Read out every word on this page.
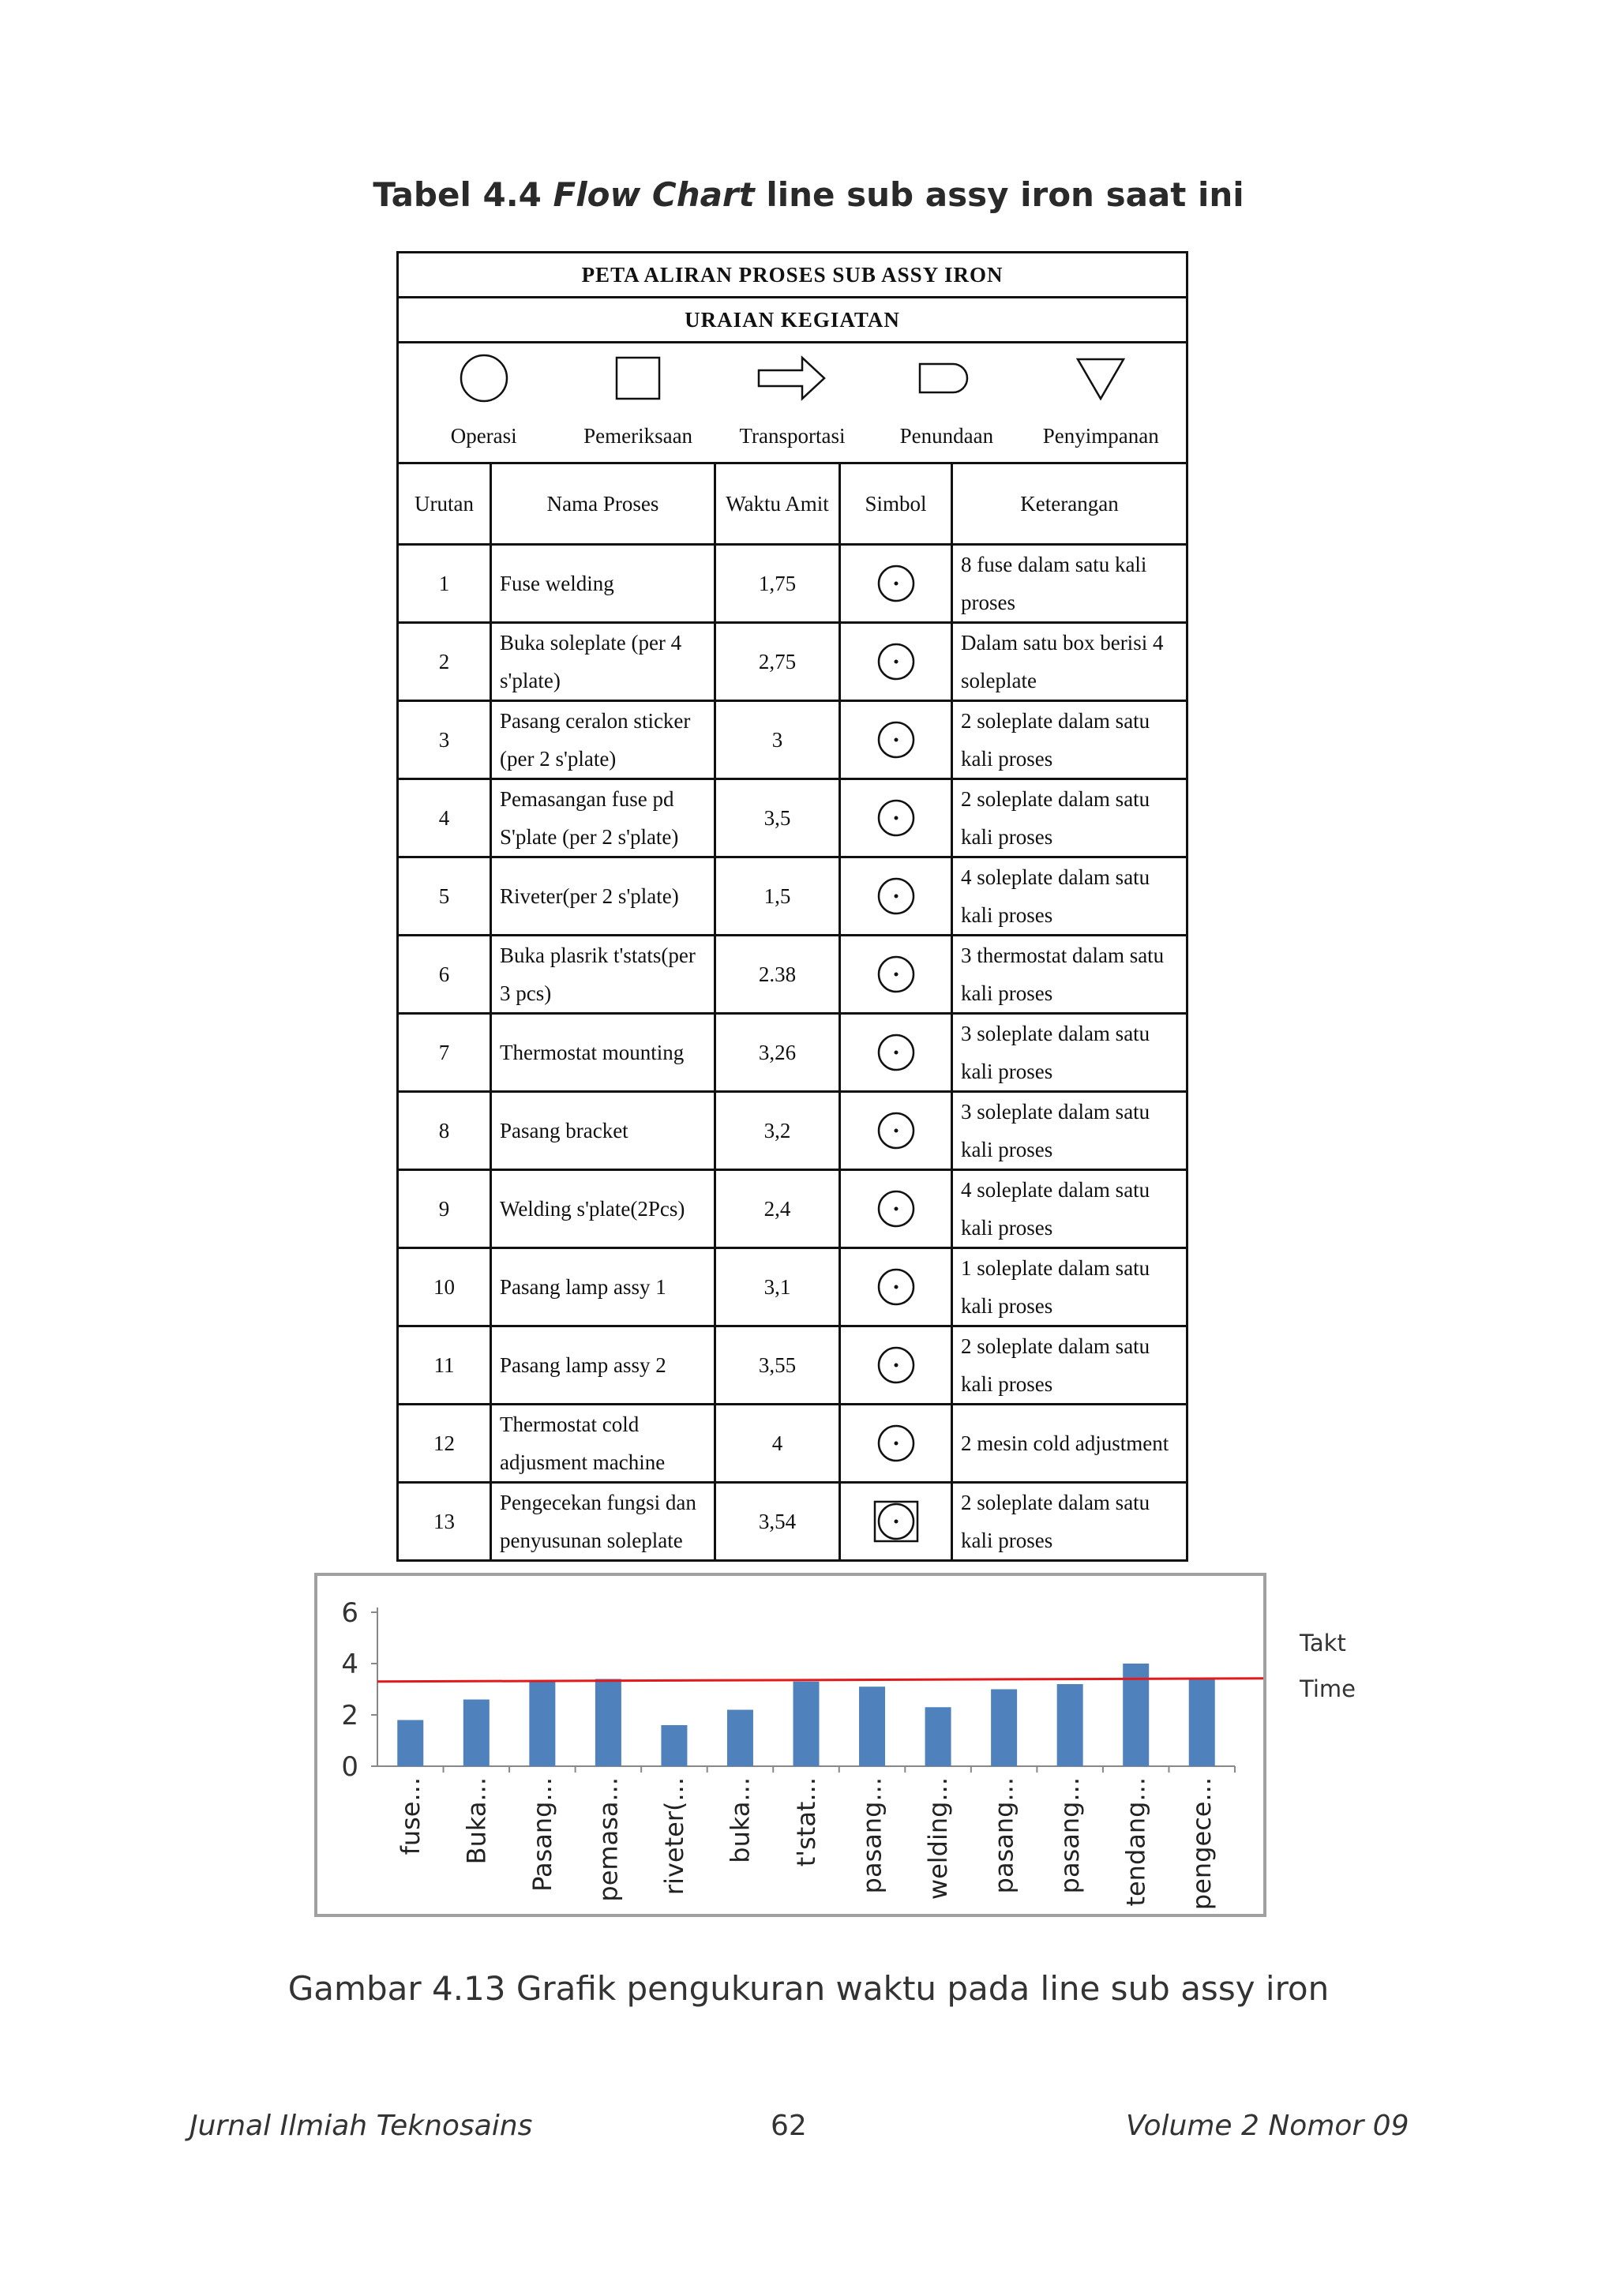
Tabel 4.4 Flow Chart line sub assy iron saat ini
PETA ALIRAN PROSES SUB ASSY IRON				
URAIAN KEGIATAN				

Operasi Pemeriksaan Transportasi Penundaan Penyimpanan				

Urutan	Nama Proses	Waktu Amit	Simbol	Keterangan
1	Fuse welding	1,75		8 fuse dalam satu kali proses
2	Buka soleplate (per 4 s'plate)	2,75		Dalam satu box berisi 4 soleplate
3	Pasang ceralon sticker (per 2 s'plate)	3		2 soleplate dalam satu kali proses
4	Pemasangan fuse pd S'plate (per 2 s'plate)	3,5		2 soleplate dalam satu kali proses
5	Riveter(per 2 s'plate)	1,5		4 soleplate dalam satu kali proses
6	Buka plasrik t'stats(per 3 pcs)	2.38		3 thermostat dalam satu kali proses
7	Thermostat mounting	3,26		3 soleplate dalam satu kali proses
8	Pasang bracket	3,2		3 soleplate dalam satu kali proses
9	Welding s'plate(2Pcs)	2,4		4 soleplate dalam satu kali proses
10	Pasang lamp assy 1	3,1		1 soleplate dalam satu kali proses
11	Pasang lamp assy 2	3,55		2 soleplate dalam satu kali proses
12	Thermostat cold adjusment machine	4		2 mesin cold adjustment
13	Pengecekan fungsi dan penyusunan soleplate	3,54		2 soleplate dalam satu kali proses
0
2
4
6
fuse... Buka... Pasang... pemasa... riveter(... buka... t'stat... pasang... welding... pasang... pasang... tendang... pengece...
Takt
Time
Gambar 4.13 Grafik pengukuran waktu pada line sub assy iron
Jurnal Ilmiah Teknosains	62	Volume 2 Nomor 09
